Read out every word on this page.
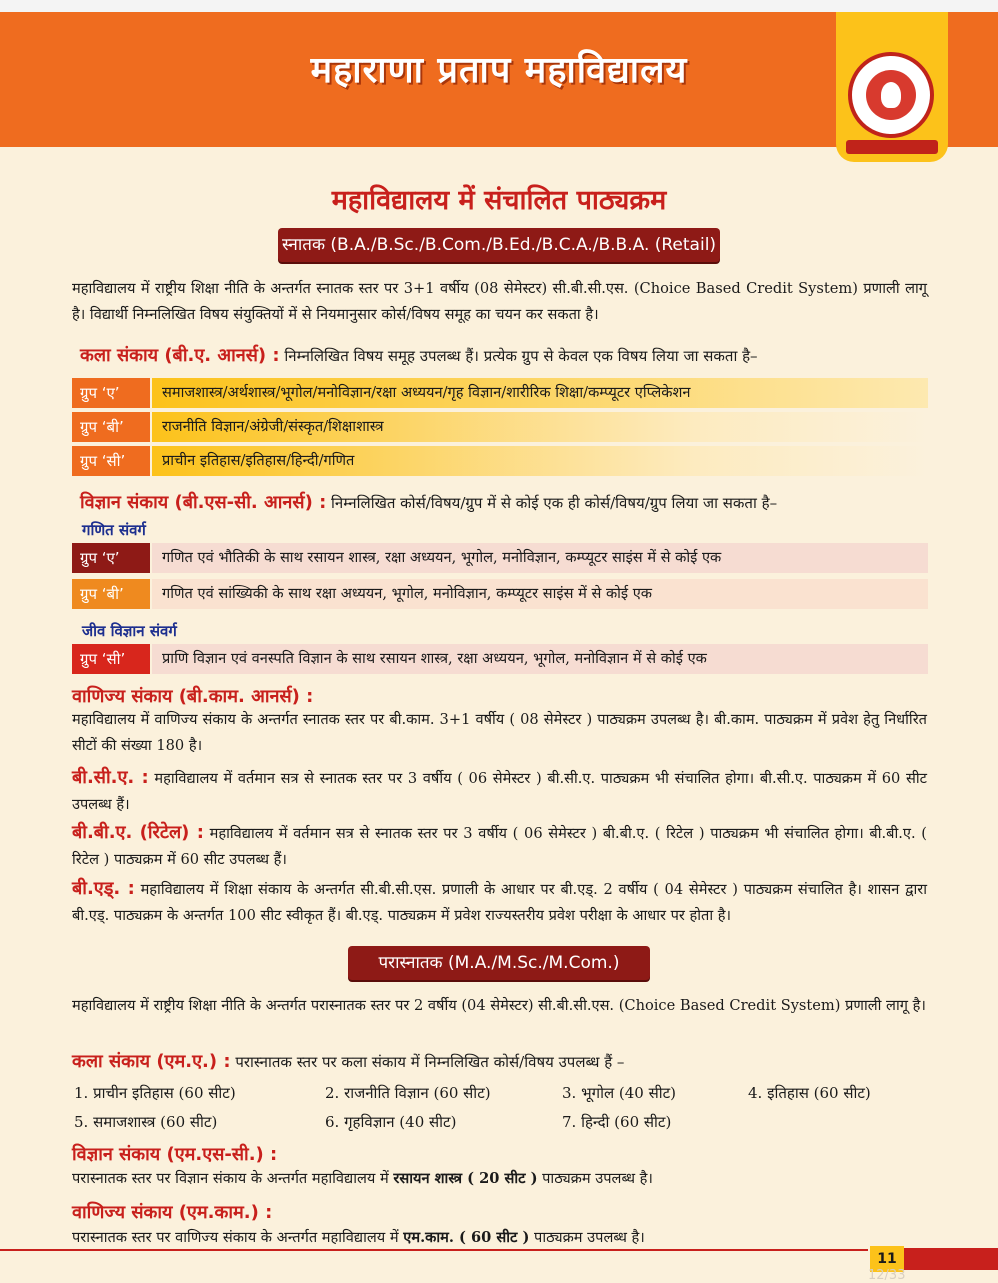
महाराणा प्रताप महाविद्यालय
महाविद्यालय में संचालित पाठ्यक्रम
स्नातक (B.A./B.Sc./B.Com./B.Ed./B.C.A./B.B.A. (Retail)
महाविद्यालय में राष्ट्रीय शिक्षा नीति के अन्तर्गत स्नातक स्तर पर 3+1 वर्षीय (08 सेमेस्टर) सी.बी.सी.एस. (Choice Based Credit System) प्रणाली लागू है। विद्यार्थी निम्नलिखित विषय संयुक्तियों में से नियमानुसार कोर्स/विषय समूह का चयन कर सकता है।
कला संकाय (बी.ए. आनर्स) : निम्नलिखित विषय समूह उपलब्ध हैं। प्रत्येक ग्रुप से केवल एक विषय लिया जा सकता है–
ग्रुप ‘ए’	समाजशास्त्र/अर्थशास्त्र/भूगोल/मनोविज्ञान/रक्षा अध्ययन/गृह विज्ञान/शारीरिक शिक्षा/कम्प्यूटर एप्लिकेशन
ग्रुप ‘बी’	राजनीति विज्ञान/अंग्रेजी/संस्कृत/शिक्षाशास्त्र
ग्रुप ‘सी’	प्राचीन इतिहास/इतिहास/हिन्दी/गणित
विज्ञान संकाय (बी.एस-सी. आनर्स) : निम्नलिखित कोर्स/विषय/ग्रुप में से कोई एक ही कोर्स/विषय/ग्रुप लिया जा सकता है–
गणित संवर्ग
ग्रुप ‘ए’	गणित एवं भौतिकी के साथ रसायन शास्त्र, रक्षा अध्ययन, भूगोल, मनोविज्ञान, कम्प्यूटर साइंस में से कोई एक
ग्रुप ‘बी’	गणित एवं सांख्यिकी के साथ रक्षा अध्ययन, भूगोल, मनोविज्ञान, कम्प्यूटर साइंस में से कोई एक
जीव विज्ञान संवर्ग
ग्रुप ‘सी’	प्राणि विज्ञान एवं वनस्पति विज्ञान के साथ रसायन शास्त्र, रक्षा अध्ययन, भूगोल, मनोविज्ञान में से कोई एक
वाणिज्य संकाय (बी.काम. आनर्स) :
महाविद्यालय में वाणिज्य संकाय के अन्तर्गत स्नातक स्तर पर बी.काम. 3+1 वर्षीय ( 08 सेमेस्टर ) पाठ्यक्रम उपलब्ध है। बी.काम. पाठ्यक्रम में प्रवेश हेतु निर्धारित सीटों की संख्या 180 है।
बी.सी.ए. : महाविद्यालय में वर्तमान सत्र से स्नातक स्तर पर 3 वर्षीय ( 06 सेमेस्टर ) बी.सी.ए. पाठ्यक्रम भी संचालित होगा। बी.सी.ए. पाठ्यक्रम में 60 सीट उपलब्ध हैं।
बी.बी.ए. (रिटेल) : महाविद्यालय में वर्तमान सत्र से स्नातक स्तर पर 3 वर्षीय ( 06 सेमेस्टर ) बी.बी.ए. ( रिटेल ) पाठ्यक्रम भी संचालित होगा। बी.बी.ए. ( रिटेल ) पाठ्यक्रम में 60 सीट उपलब्ध हैं।
बी.एड्. : महाविद्यालय में शिक्षा संकाय के अन्तर्गत सी.बी.सी.एस. प्रणाली के आधार पर बी.एड्. 2 वर्षीय ( 04 सेमेस्टर ) पाठ्यक्रम संचालित है। शासन द्वारा बी.एड्. पाठ्यक्रम के अन्तर्गत 100 सीट स्वीकृत हैं। बी.एड्. पाठ्यक्रम में प्रवेश राज्यस्तरीय प्रवेश परीक्षा के आधार पर होता है।
परास्नातक (M.A./M.Sc./M.Com.)
महाविद्यालय में राष्ट्रीय शिक्षा नीति के अन्तर्गत परास्नातक स्तर पर 2 वर्षीय (04 सेमेस्टर) सी.बी.सी.एस. (Choice Based Credit System) प्रणाली लागू है।
कला संकाय (एम.ए.) : परास्नातक स्तर पर कला संकाय में निम्नलिखित कोर्स/विषय उपलब्ध हैं –
1. प्राचीन इतिहास (60 सीट)	2. राजनीति विज्ञान (60 सीट)	3. भूगोल (40 सीट)	4. इतिहास (60 सीट)
5. समाजशास्त्र (60 सीट)	6. गृहविज्ञान (40 सीट)	7. हिन्दी (60 सीट)
विज्ञान संकाय (एम.एस-सी.) :
परास्नातक स्तर पर विज्ञान संकाय के अन्तर्गत महाविद्यालय में रसायन शास्त्र ( 20 सीट ) पाठ्यक्रम उपलब्ध है।
वाणिज्य संकाय (एम.काम.) :
परास्नातक स्तर पर वाणिज्य संकाय के अन्तर्गत महाविद्यालय में एम.काम. ( 60 सीट ) पाठ्यक्रम उपलब्ध है।
11
12/33
